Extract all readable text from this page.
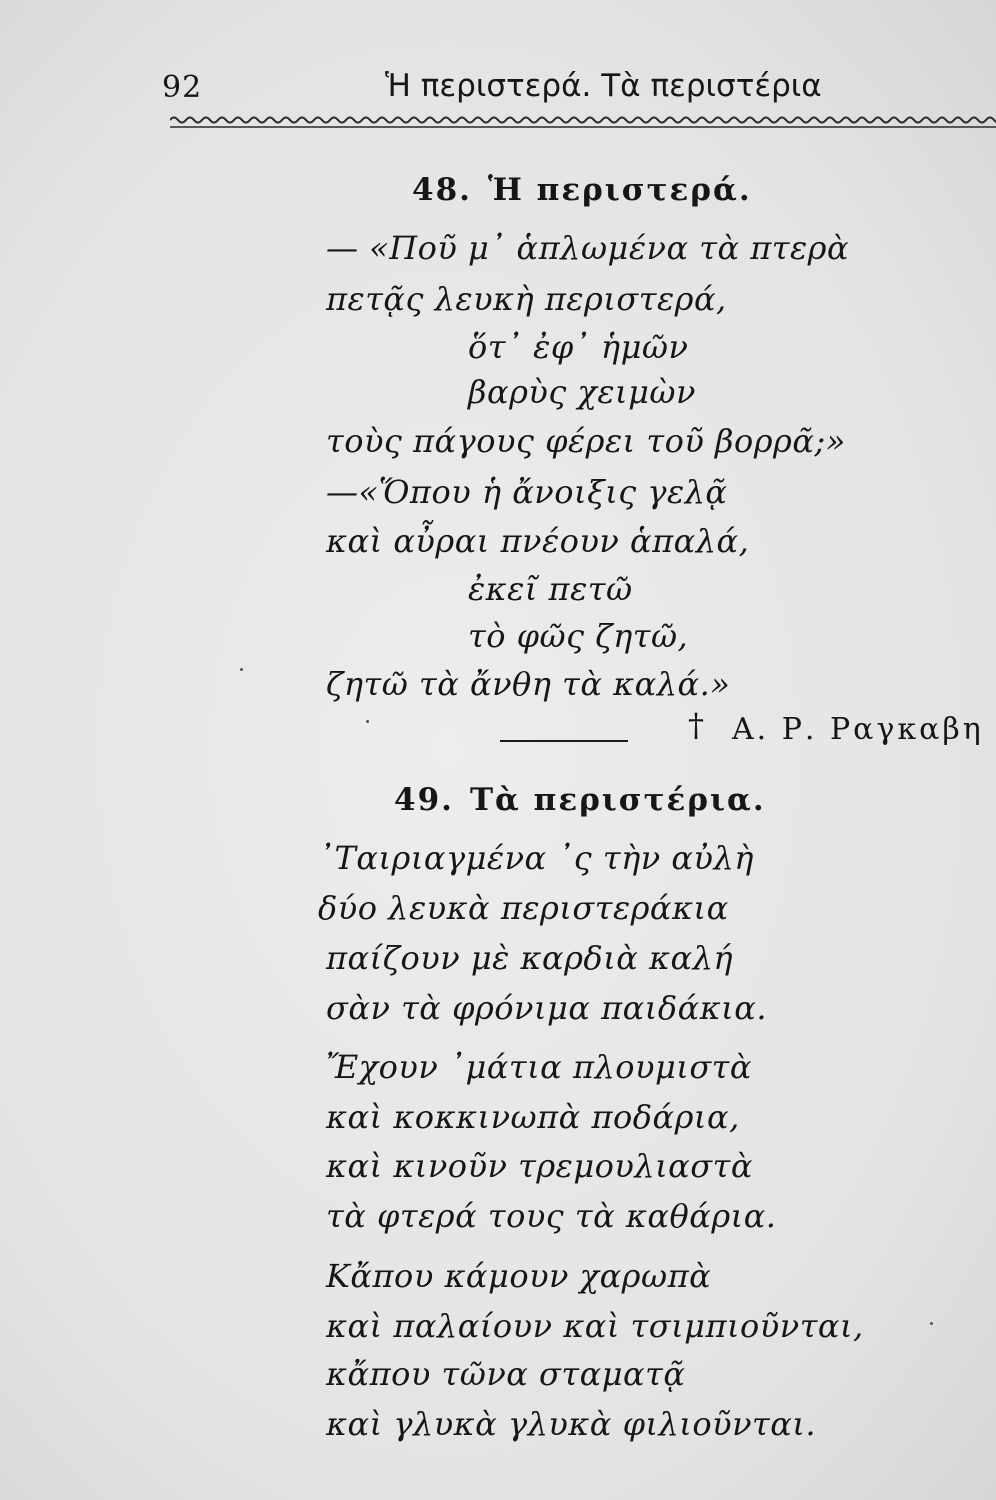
92	Ἡ περιστερά. Τὰ περιστέρια
48. Ἡ περιστερά.
— «Ποῦ μ᾿ ἁπλωμένα τὰ πτερὰ
πετᾷς λευκὴ περιστερά,
ὅτ᾿ ἐφ᾿ ἡμῶν
βαρὺς χειμὼν
τοὺς πάγους φέρει τοῦ βορρᾶ;»
—«Ὅπου ἡ ἄνοιξις γελᾷ
καὶ αὖραι πνέουν ἁπαλά,
ἐκεῖ πετῶ
τὸ φῶς ζητῶ,
ζητῶ τὰ ἄνθη τὰ καλά.»
† Α. Ρ. Ραγκαβη
49. Τὰ περιστέρια.
᾿Ταιριαγμένα ᾿ς τὴν αὐλὴ
δύο λευκὰ περιστεράκια
παίζουν μὲ καρδιὰ καλή
σὰν τὰ φρόνιμα παιδάκια.
Ἔχουν ᾿μάτια πλουμιστὰ
καὶ κοκκινωπὰ ποδάρια,
καὶ κινοῦν τρεμουλιαστὰ
τὰ φτερά τους τὰ καθάρια.
Κἄπου κάμουν χαρωπὰ
καὶ παλαίουν καὶ τσιμπιοῦνται,
κἄπου τῶνα σταματᾷ
καὶ γλυκὰ γλυκὰ φιλιοῦνται.
